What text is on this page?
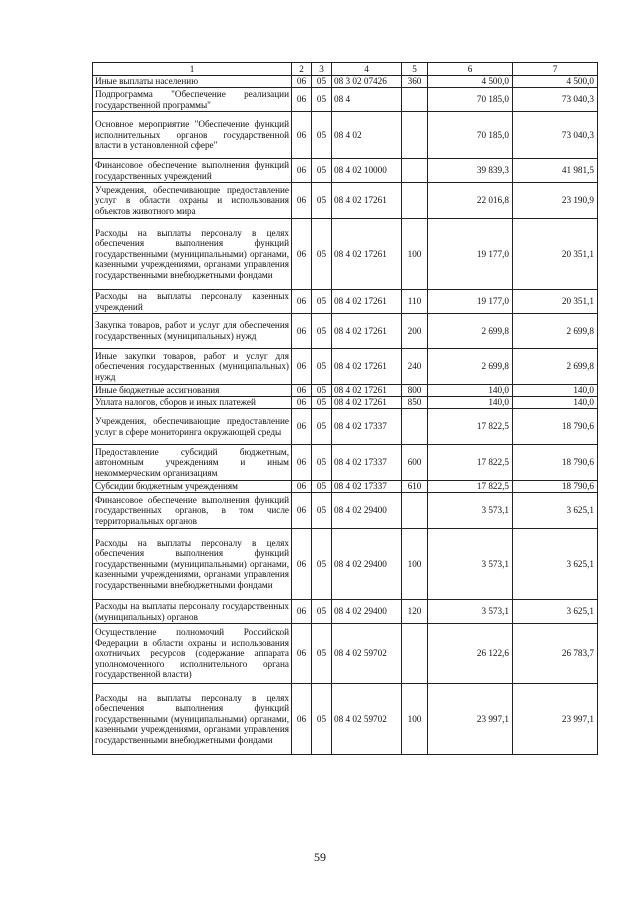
1	2	3	4	5	6	7
Иные выплаты населению	06	05	08 3 02 07426	360	4 500,0	4 500,0
Подпрограмма "Обеспечение реализации государственной программы"	06	05	08 4		70 185,0	73 040,3
Основное мероприятие "Обеспечение функций исполнительных органов государственной власти в установленной сфере"	06	05	08 4 02		70 185,0	73 040,3
Финансовое обеспечение выполнения функций государственных учреждений	06	05	08 4 02 10000		39 839,3	41 981,5
Учреждения, обеспечивающие предоставление услуг в области охраны и использования объектов животного мира	06	05	08 4 02 17261		22 016,8	23 190,9
Расходы на выплаты персоналу в целях обеспечения выполнения функций государственными (муниципальными) органами, казенными учреждениями, органами управления государственными внебюджетными фондами	06	05	08 4 02 17261	100	19 177,0	20 351,1
Расходы на выплаты персоналу казенных учреждений	06	05	08 4 02 17261	110	19 177,0	20 351,1
Закупка товаров, работ и услуг для обеспечения государственных (муниципальных) нужд	06	05	08 4 02 17261	200	2 699,8	2 699,8
Иные закупки товаров, работ и услуг для обеспечения государственных (муниципальных) нужд	06	05	08 4 02 17261	240	2 699,8	2 699,8
Иные бюджетные ассигнования	06	05	08 4 02 17261	800	140,0	140,0
Уплата налогов, сборов и иных платежей	06	05	08 4 02 17261	850	140,0	140,0
Учреждения, обеспечивающие предоставление услуг в сфере мониторинга окружающей среды	06	05	08 4 02 17337		17 822,5	18 790,6
Предоставление субсидий бюджетным, автономным учреждениям и иным некоммерческим организациям	06	05	08 4 02 17337	600	17 822,5	18 790,6
Субсидии бюджетным учреждениям	06	05	08 4 02 17337	610	17 822,5	18 790,6
Финансовое обеспечение выполнения функций государственных органов, в том числе территориальных органов	06	05	08 4 02 29400		3 573,1	3 625,1
Расходы на выплаты персоналу в целях обеспечения выполнения функций государственными (муниципальными) органами, казенными учреждениями, органами управления государственными внебюджетными фондами	06	05	08 4 02 29400	100	3 573,1	3 625,1
Расходы на выплаты персоналу государственных (муниципальных) органов	06	05	08 4 02 29400	120	3 573,1	3 625,1
Осуществление полномочий Российской Федерации в области охраны и использования охотничьих ресурсов (содержание аппарата уполномоченного исполнительного органа государственной власти)	06	05	08 4 02 59702		26 122,6	26 783,7
Расходы на выплаты персоналу в целях обеспечения выполнения функций государственными (муниципальными) органами, казенными учреждениями, органами управления государственными внебюджетными фондами	06	05	08 4 02 59702	100	23 997,1	23 997,1
59
